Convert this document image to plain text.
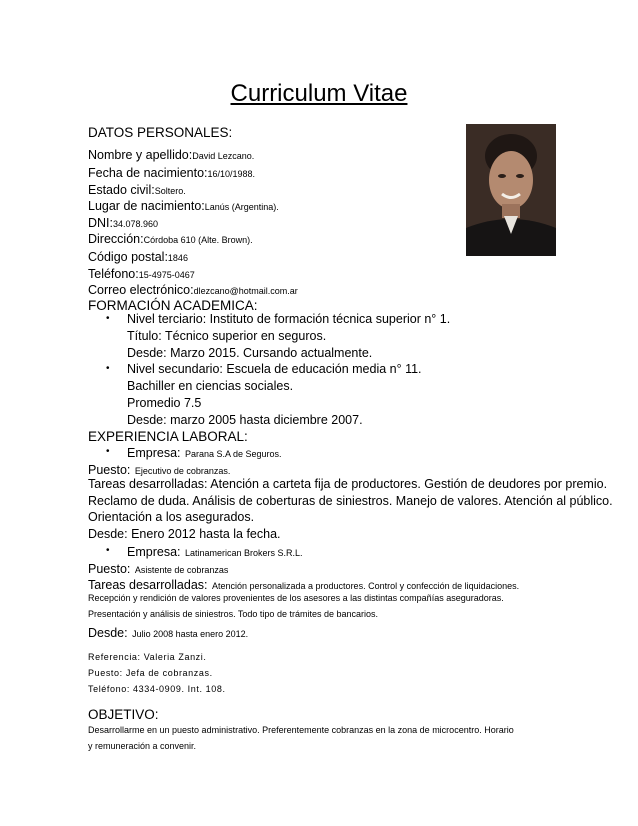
Curriculum Vitae
DATOS PERSONALES:
Nombre y apellido:David Lezcano.
Fecha de nacimiento:16/10/1988.
Estado civil:Soltero.
Lugar de nacimiento:Lanús (Argentina).
DNI:34.078.960
Dirección:Córdoba 610 (Alte. Brown).
Código postal:1846
Teléfono:15-4975-0467
Correo electrónico:dlezcano@hotmail.com.ar
FORMACIÓN ACADEMICA:
• Nivel terciario: Instituto de formación técnica superior n° 1.
Título: Técnico superior en seguros.
Desde: Marzo 2015. Cursando actualmente.
• Nivel secundario: Escuela de educación media n° 11.
Bachiller en ciencias sociales.
Promedio 7.5
Desde: marzo 2005 hasta diciembre 2007.
EXPERIENCIA LABORAL:
• Empresa: Parana S.A de Seguros.
Puesto: Ejecutivo de cobranzas.
Tareas desarrolladas: Atención a carteta fija de productores. Gestión de deudores por premio.
Reclamo de duda. Análisis de coberturas de siniestros. Manejo de valores. Atención al público.
Orientación a los asegurados.
Desde: Enero 2012 hasta la fecha.
• Empresa: Latinamerican Brokers S.R.L.
Puesto: Asistente de cobranzas
Tareas desarrolladas: Atención personalizada a productores. Control y confección de liquidaciones.
Recepción y rendición de valores provenientes de los asesores a las distintas compañías aseguradoras.
Presentación y análisis de siniestros. Todo tipo de trámites de bancarios.
Desde: Julio 2008 hasta enero 2012.
Referencia: Valeria Zanzi.
Puesto: Jefa de cobranzas.
Teléfono: 4334-0909. Int. 108.
OBJETIVO:
Desarrollarme en un puesto administrativo. Preferentemente cobranzas en la zona de microcentro. Horario
y remuneración a convenir.
